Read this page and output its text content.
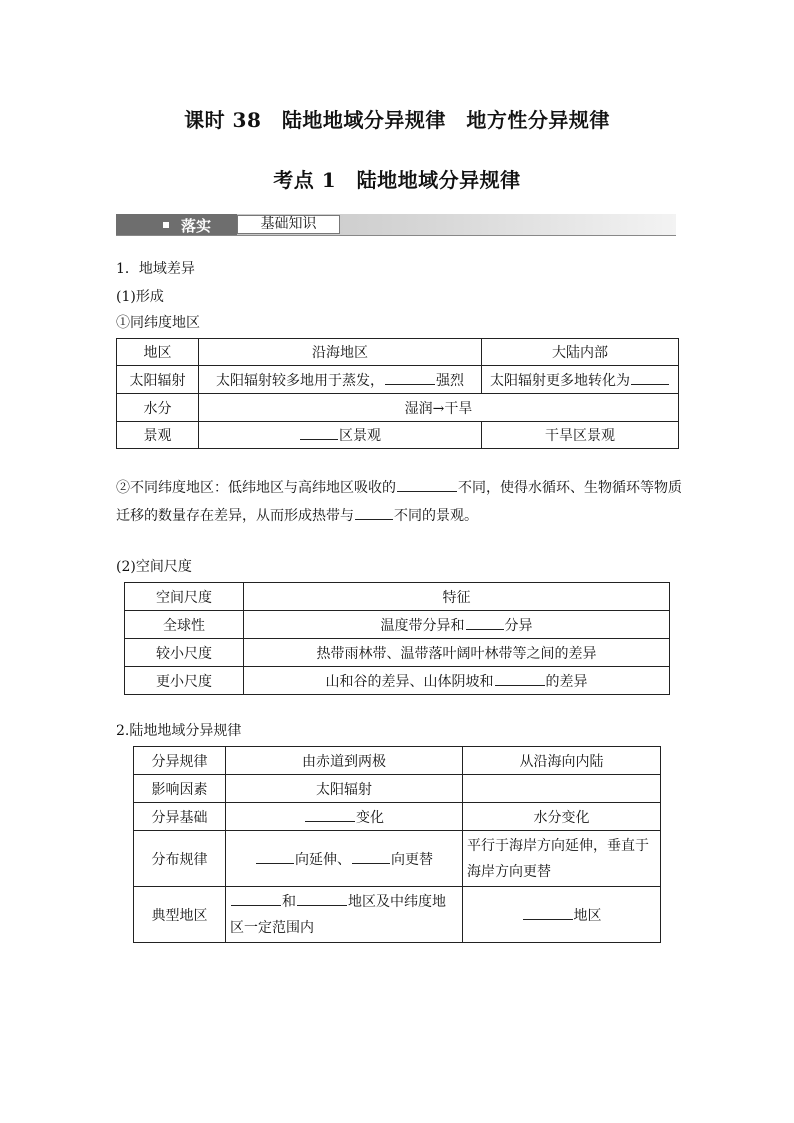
课时 38　陆地地域分异规律　地方性分异规律
考点 1　陆地地域分异规律
落实	基础知识
1．地域差异
(1)形成
①同纬度地区
地区	沿海地区	大陆内部
太阳辐射	太阳辐射较多地用于蒸发， 强烈	太阳辐射更多地转化为
水分	湿润→干旱	
景观	区景观	干旱区景观
②不同纬度地区：低纬地区与高纬地区吸收的	不同，使得水循环、生物循环等物质迁移的数量存在差异，从而形成热带与	不同的景观。
(2)空间尺度
空间尺度	特征
全球性	温度带分异和 分异
较小尺度	热带雨林带、温带落叶阔叶林带等之间的差异
更小尺度	山和谷的差异、山体阴坡和 的差异
2.陆地地域分异规律
分异规律	由赤道到两极	从沿海向内陆
影响因素	太阳辐射	
分异基础	变化	水分变化
分布规律	向延伸、 向更替	平行于海岸方向延伸，垂直于海岸方向更替
典型地区	和 地区及中纬度地区一定范围内	地区
